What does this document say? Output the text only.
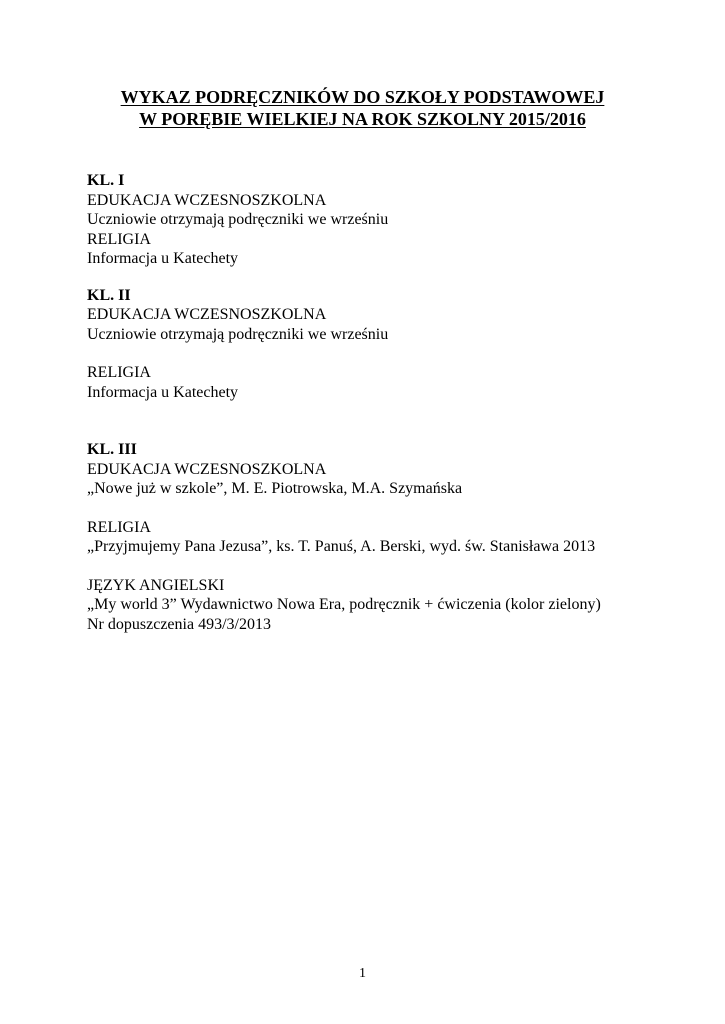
WYKAZ PODRĘCZNIKÓW DO SZKOŁY PODSTAWOWEJ
W PORĘBIE WIELKIEJ NA ROK SZKOLNY 2015/2016
KL. I
EDUKACJA WCZESNOSZKOLNA
Uczniowie otrzymają podręczniki we wrześniu
RELIGIA
Informacja u Katechety
KL. II
EDUKACJA WCZESNOSZKOLNA
Uczniowie otrzymają podręczniki we wrześniu
RELIGIA
Informacja u Katechety
KL. III
EDUKACJA WCZESNOSZKOLNA
„Nowe już w szkole”, M. E. Piotrowska, M.A. Szymańska
RELIGIA
„Przyjmujemy Pana Jezusa”, ks. T. Panuś, A. Berski, wyd. św. Stanisława 2013
JĘZYK ANGIELSKI
„My world 3” Wydawnictwo Nowa Era, podręcznik + ćwiczenia (kolor zielony)
Nr dopuszczenia 493/3/2013
1
